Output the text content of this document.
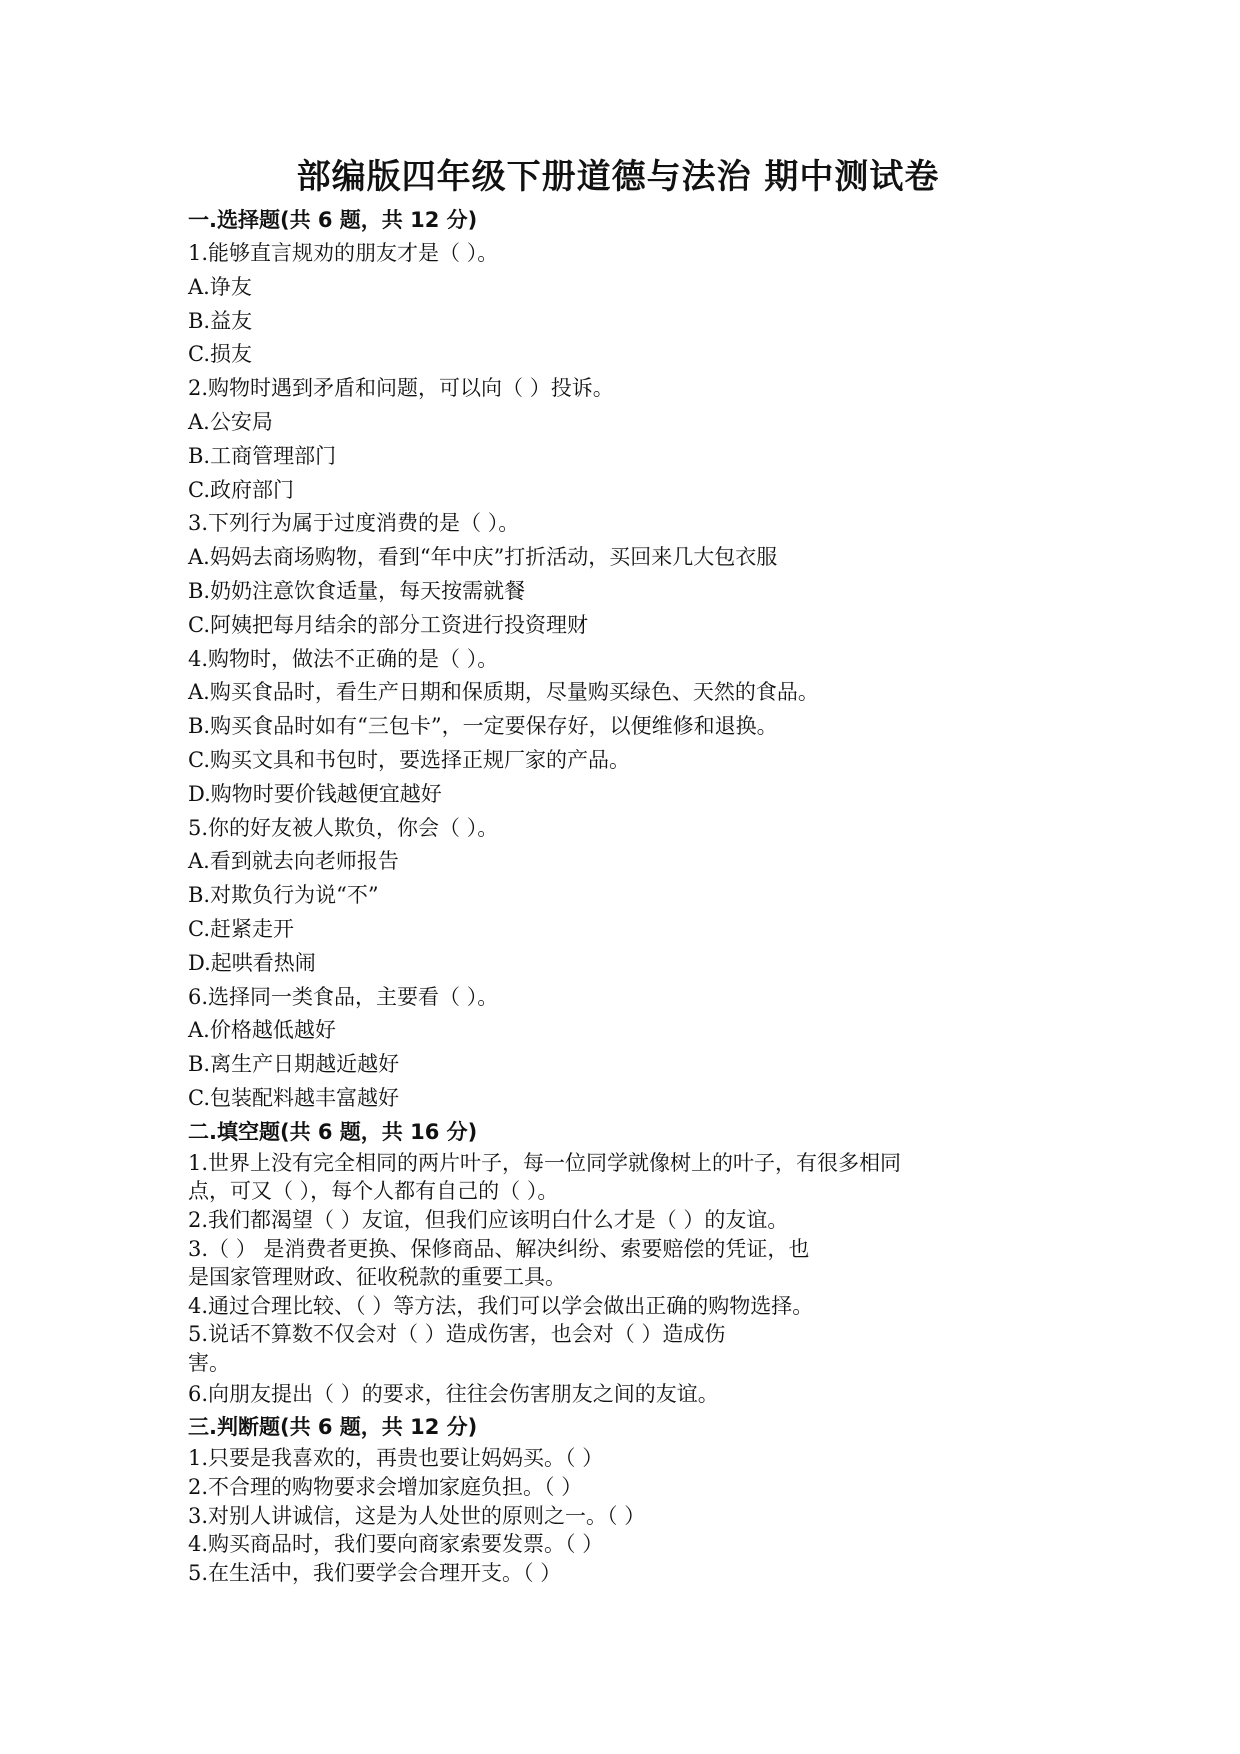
部编版四年级下册道德与法治 期中测试卷
一.选择题(共 6 题，共 12 分)
1.能够直言规劝的朋友才是（ ）。
A.诤友
B.益友
C.损友
2.购物时遇到矛盾和问题，可以向（ ）投诉。
A.公安局
B.工商管理部门
C.政府部门
3.下列行为属于过度消费的是（ ）。
A.妈妈去商场购物，看到“年中庆”打折活动，买回来几大包衣服
B.奶奶注意饮食适量，每天按需就餐
C.阿姨把每月结余的部分工资进行投资理财
4.购物时，做法不正确的是（ ）。
A.购买食品时，看生产日期和保质期，尽量购买绿色、天然的食品。
B.购买食品时如有“三包卡”，一定要保存好，以便维修和退换。
C.购买文具和书包时，要选择正规厂家的产品。
D.购物时要价钱越便宜越好
5.你的好友被人欺负，你会（ ）。
A.看到就去向老师报告
B.对欺负行为说“不”
C.赶紧走开
D.起哄看热闹
6.选择同一类食品，主要看（ ）。
A.价格越低越好
B.离生产日期越近越好
C.包装配料越丰富越好
二.填空题(共 6 题，共 16 分)
1.世界上没有完全相同的两片叶子，每一位同学就像树上的叶子，有很多相同
点，可又（ ），每个人都有自己的（ ）。
2.我们都渴望（ ）友谊，但我们应该明白什么才是（ ）的友谊。
3.（ ） 是消费者更换、保修商品、解决纠纷、索要赔偿的凭证，也
是国家管理财政、征收税款的重要工具。
4.通过合理比较、（ ）等方法，我们可以学会做出正确的购物选择。
5.说话不算数不仅会对（ ）造成伤害，也会对（ ）造成伤
害。
6.向朋友提出（ ）的要求，往往会伤害朋友之间的友谊。
三.判断题(共 6 题，共 12 分)
1.只要是我喜欢的，再贵也要让妈妈买。（ ）
2.不合理的购物要求会增加家庭负担。（ ）
3.对别人讲诚信，这是为人处世的原则之一。（ ）
4.购买商品时，我们要向商家索要发票。（ ）
5.在生活中，我们要学会合理开支。（ ）
